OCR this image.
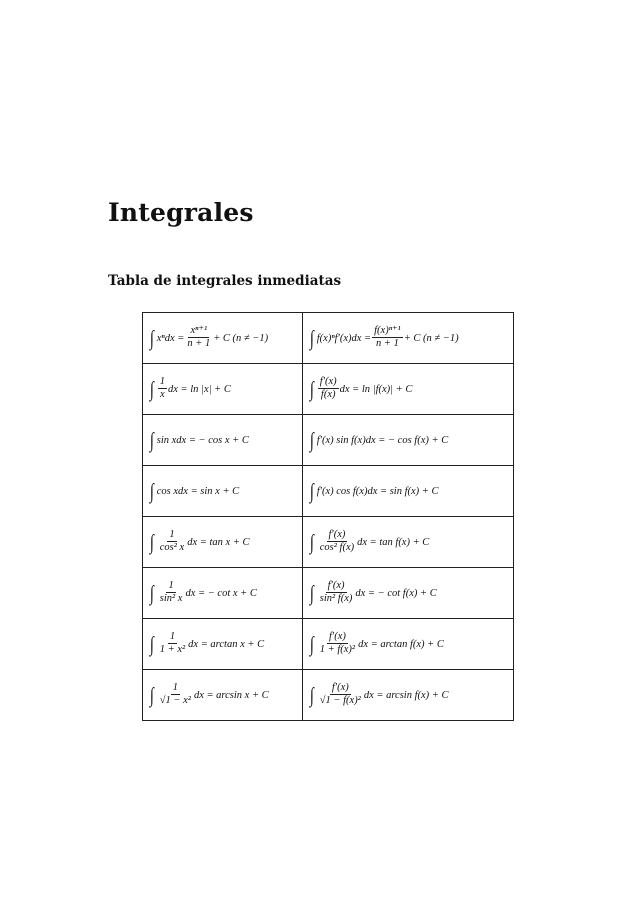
Integrales
Tabla de integrales inmediatas
∫ $x^ndx = \frac{\text{xⁿ⁺¹}}{n + 1} + C$ (n ≠ −1)	∫ $f(x)^nf'(x)dx = \frac{\text{f(x)ⁿ⁺¹}}{n + 1} + C$ (n ≠ −1)

∫ $\frac{1}{x}$ dx = ln |x| + C	∫ $\frac{f'(x)}{f(x)}$ dx = ln |f(x)| + C

∫ sin xdx = − cos x + C	∫ f′(x) sin f(x)dx = − cos f(x) + C

∫ cos xdx = sin x + C	∫ f′(x) cos f(x)dx = sin f(x) + C

∫ $\frac{1}{\text{cos² x}}$ dx = tan x + C	∫ $\frac{f'(x)}{\text{cos² f(x)}}$ dx = tan f(x) + C

∫ $\frac{1}{\text{sin² x}}$ dx = − cot x + C	∫ $\frac{f'(x)}{\text{sin² f(x)}}$ dx = − cot f(x) + C

∫ $\frac{1}{\text{1 + x²}}$ dx = arctan x + C	∫ $\frac{f'(x)}{\text{1 + f(x)²}}$ dx = arctan f(x) + C

∫ $\frac{1}{\text{√1 − x²}}$ dx = arcsin x + C	∫ $\frac{f'(x)}{\text{√1 − f(x)²}}$ dx = arcsin f(x) + C
